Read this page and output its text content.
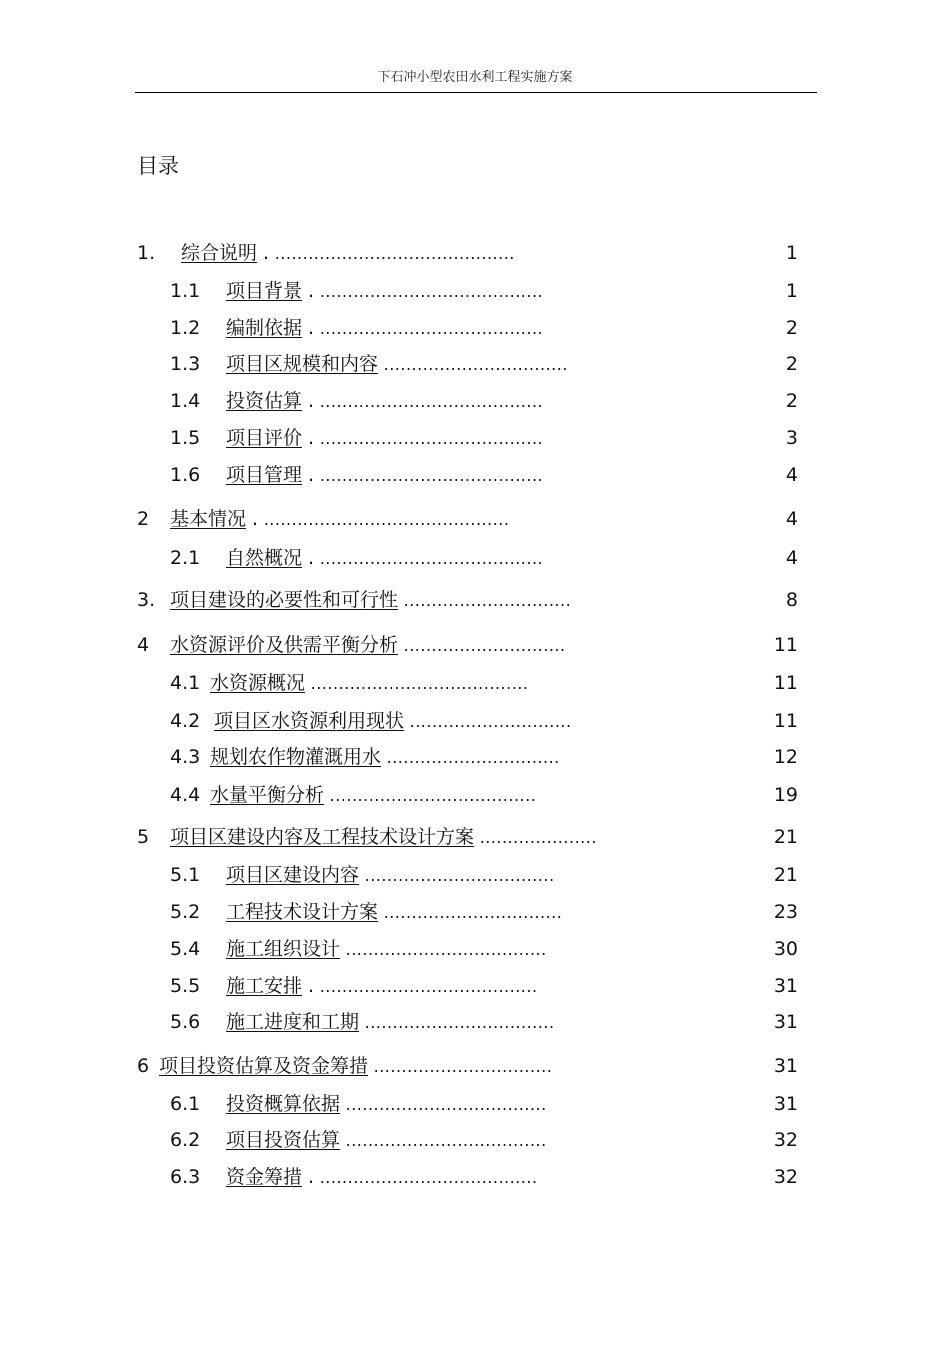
下石冲小型农田水利工程实施方案
目录
1. 综合说明 . ...........................................	1
1.1 项目背景 . ........................................	1
1.2 编制依据 . ........................................	2
1.3 项目区规模和内容 .................................	2
1.4 投资估算 . ........................................	2
1.5 项目评价 . ........................................	3
1.6 项目管理 . ........................................	4
2 基本情况 . ............................................	4
2.1 自然概况 . ........................................	4
3. 项目建设的必要性和可行性 ..............................	8
4 水资源评价及供需平衡分析 .............................	11
4.1 水资源概况 .......................................	11
4.2 项目区水资源利用现状 .............................	11
4.3 规划农作物灌溉用水 ...............................	12
4.4 水量平衡分析 .....................................	19
5 项目区建设内容及工程技术设计方案 .....................	21
5.1 项目区建设内容 ..................................	21
5.2 工程技术设计方案 ................................	23
5.4 施工组织设计 ....................................	30
5.5 施工安排 . .......................................	31
5.6 施工进度和工期 ..................................	31
6 项目投资估算及资金筹措 ................................	31
6.1 投资概算依据 ....................................	31
6.2 项目投资估算 ....................................	32
6.3 资金筹措 . .......................................	32
